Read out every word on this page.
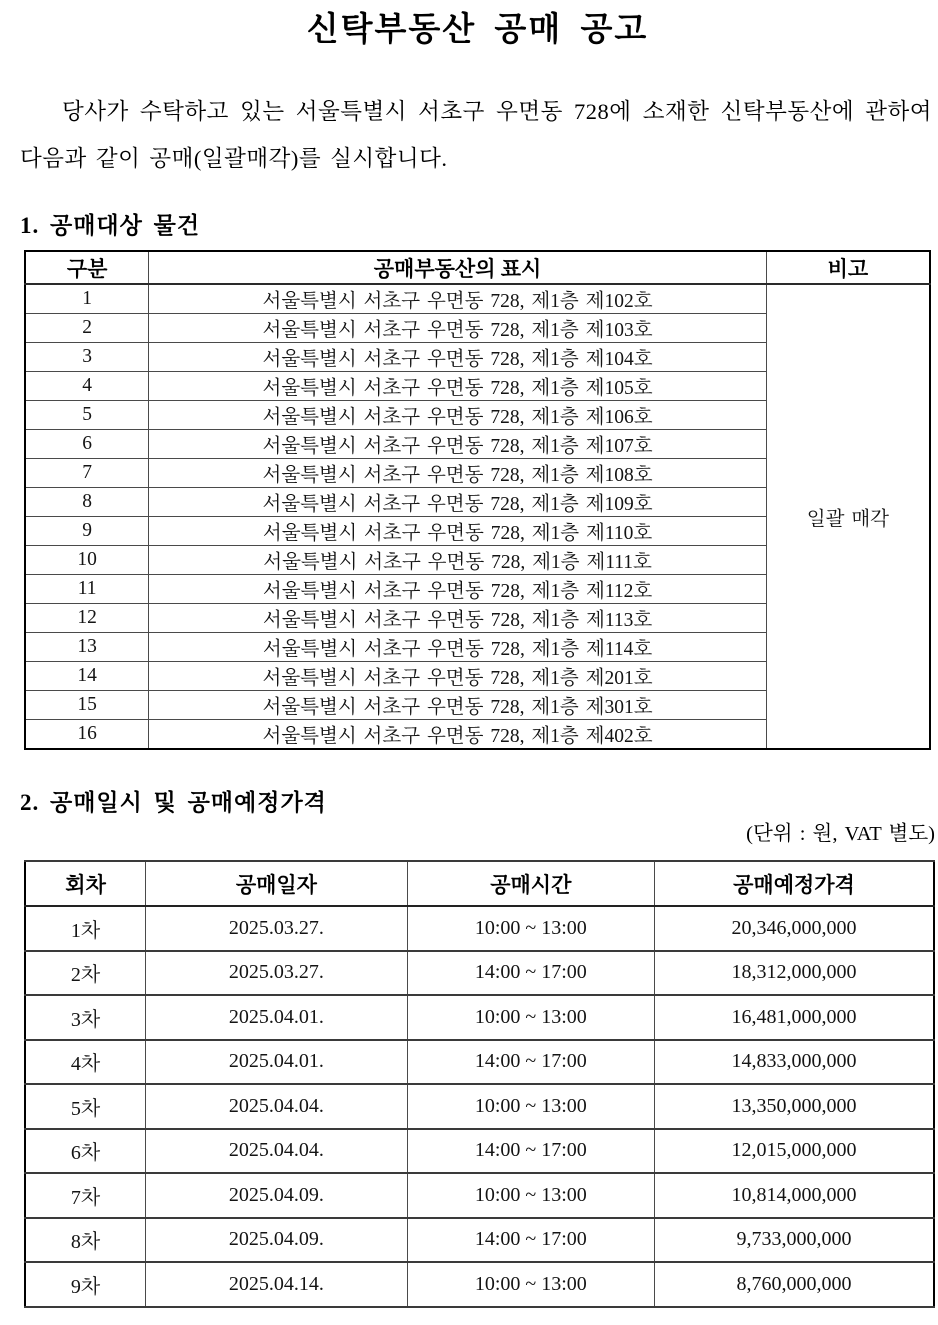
신탁부동산 공매 공고

당사가 수탁하고 있는 서울특별시 서초구 우면동 728에 소재한 신탁부동산에 관하여 다음과 같이 공매(일괄매각)를 실시합니다.

1. 공매대상 물건
구분	공매부동산의 표시	비고
1	서울특별시 서초구 우면동 728, 제1층 제102호	일괄 매각
2	서울특별시 서초구 우면동 728, 제1층 제103호	
3	서울특별시 서초구 우면동 728, 제1층 제104호	
4	서울특별시 서초구 우면동 728, 제1층 제105호	
5	서울특별시 서초구 우면동 728, 제1층 제106호	
6	서울특별시 서초구 우면동 728, 제1층 제107호	
7	서울특별시 서초구 우면동 728, 제1층 제108호	
8	서울특별시 서초구 우면동 728, 제1층 제109호	
9	서울특별시 서초구 우면동 728, 제1층 제110호	
10	서울특별시 서초구 우면동 728, 제1층 제111호	
11	서울특별시 서초구 우면동 728, 제1층 제112호	
12	서울특별시 서초구 우면동 728, 제1층 제113호	
13	서울특별시 서초구 우면동 728, 제1층 제114호	
14	서울특별시 서초구 우면동 728, 제1층 제201호	
15	서울특별시 서초구 우면동 728, 제1층 제301호	
16	서울특별시 서초구 우면동 728, 제1층 제402호	
2. 공매일시 및 공매예정가격
(단위 : 원, VAT 별도)
회차	공매일자	공매시간	공매예정가격
1차	2025.03.27.	10:00 ~ 13:00	20,346,000,000
2차	2025.03.27.	14:00 ~ 17:00	18,312,000,000
3차	2025.04.01.	10:00 ~ 13:00	16,481,000,000
4차	2025.04.01.	14:00 ~ 17:00	14,833,000,000
5차	2025.04.04.	10:00 ~ 13:00	13,350,000,000
6차	2025.04.04.	14:00 ~ 17:00	12,015,000,000
7차	2025.04.09.	10:00 ~ 13:00	10,814,000,000
8차	2025.04.09.	14:00 ~ 17:00	9,733,000,000
9차	2025.04.14.	10:00 ~ 13:00	8,760,000,000
